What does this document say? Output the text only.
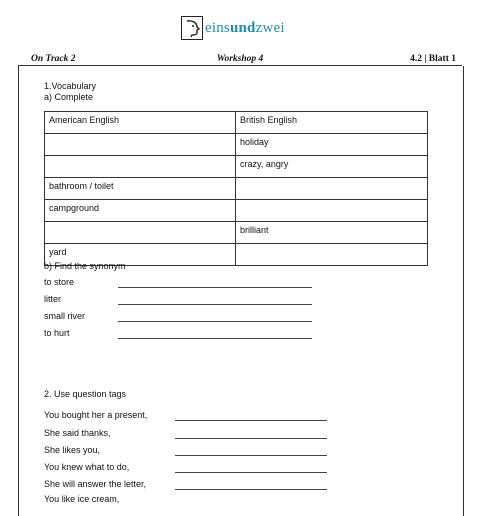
einsundzwei
On Track 2	Workshop 4	4.2 | Blatt 1
1.Vocabulary
a) Complete
American English	British English
	holiday
	crazy, angry
bathroom / toilet	
campground	
	brilliant
yard	
b) Find the synonym
to store
litter
small river
to hurt
2. Use question tags
You bought her a present,
She said thanks,
She likes you,
You knew what to do,
She will answer the letter,
You like ice cream,
